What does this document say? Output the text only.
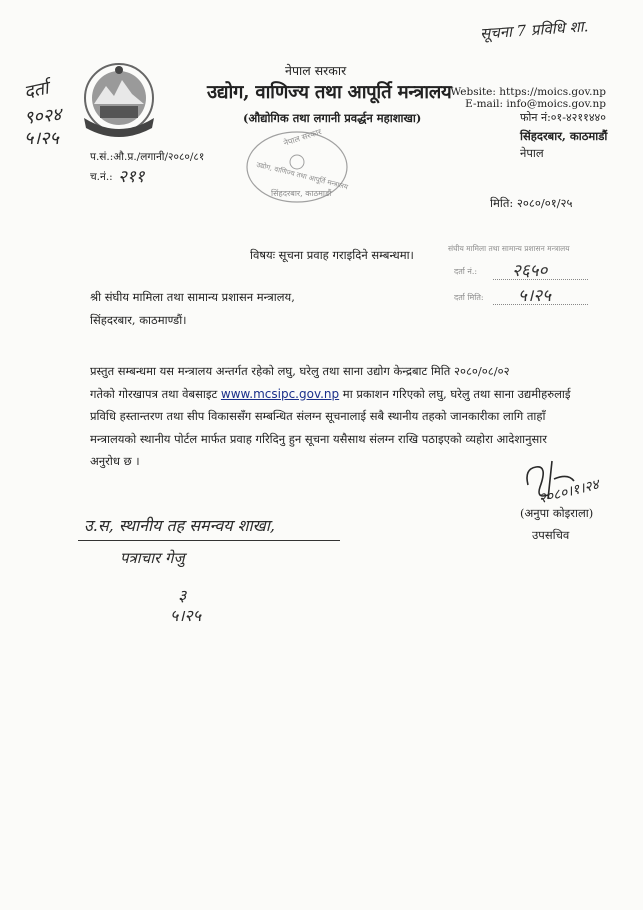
सूचना 7 प्रविधि शा.
दर्ता
९०२४
५।२५
नेपाल सरकार
उद्योग, वाणिज्य तथा आपूर्ति मन्त्रालय
(औद्योगिक तथा लगानी प्रवर्द्धन महाशाखा)
Website: https://moics.gov.np
E-mail: info@moics.gov.np
फोन नं:०१-४२११४४०
सिंहदरबार, काठमाडौं
नेपाल
प.सं.:औ.प्र./लगानी/२०८०/८१
च.नं.: २११
नेपाल सरकार
उद्योग, वाणिज्य तथा आपूर्ति मन्त्रालय
सिंहदरबार, काठमाडौं
मिति: २०८०/०१/२५
विषयः सूचना प्रवाह गराइदिने सम्बन्धमा।	संघीय मामिला तथा सामान्य प्रशासन मन्त्रालय
दर्ता नं.: २६५०
दर्ता मिति: ५।२५
श्री संघीय मामिला तथा सामान्य प्रशासन मन्त्रालय,
सिंहदरबार, काठमाण्डौं।
प्रस्तुत सम्बन्धमा यस मन्त्रालय अन्तर्गत रहेको लघु, घरेलु तथा साना उद्योग केन्द्रबाट मिति २०८०/०८/०२
गतेको गोरखापत्र तथा वेबसाइट www.mcsipc.gov.np मा प्रकाशन गरिएको लघु, घरेलु तथा साना उद्यमीहरुलाई
प्रविधि हस्तान्तरण तथा सीप विकाससँग सम्बन्धित संलग्न सूचनालाई सबै स्थानीय तहको जानकारीका लागि ताहाँ
मन्त्रालयको स्थानीय पोर्टल मार्फत प्रवाह गरिदिनु हुन सूचना यसैसाथ संलग्न राखि पठाइएको व्यहोरा आदेशानुसार
अनुरोध छ ।
२०८०।१।२४
(अनुपा कोइराला)
उपसचिव
उ.स, स्थानीय तह समन्वय शाखा,
पत्राचार गेजु
३
५।२५
